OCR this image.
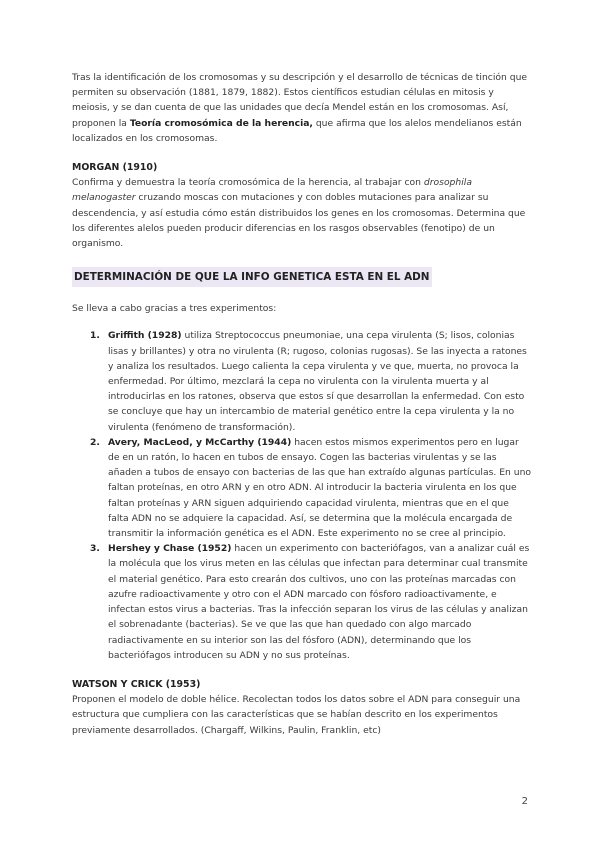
Tras la identificación de los cromosomas y su descripción y el desarrollo de técnicas de tinción que permiten su observación (1881, 1879, 1882). Estos científicos estudian células en mitosis y meiosis, y se dan cuenta de que las unidades que decía Mendel están en los cromosomas. Así, proponen la Teoría cromosómica de la herencia, que afirma que los alelos mendelianos están localizados en los cromosomas.

MORGAN (1910)

Confirma y demuestra la teoría cromosómica de la herencia, al trabajar con drosophila melanogaster cruzando moscas con mutaciones y con dobles mutaciones para analizar su descendencia, y así estudia cómo están distribuidos los genes en los cromosomas. Determina que los diferentes alelos pueden producir diferencias en los rasgos observables (fenotipo) de un organismo.

DETERMINACIÓN DE QUE LA INFO GENETICA ESTA EN EL ADN

Se lleva a cabo gracias a tres experimentos:

1. Griffith (1928) utiliza Streptococcus pneumoniae, una cepa virulenta (S; lisos, colonias lisas y brillantes) y otra no virulenta (R; rugoso, colonias rugosas). Se las inyecta a ratones y analiza los resultados. Luego calienta la cepa virulenta y ve que, muerta, no provoca la enfermedad. Por último, mezclará la cepa no virulenta con la virulenta muerta y al introducirlas en los ratones, observa que estos sí que desarrollan la enfermedad. Con esto se concluye que hay un intercambio de material genético entre la cepa virulenta y la no virulenta (fenómeno de transformación).
2. Avery, MacLeod, y McCarthy (1944) hacen estos mismos experimentos pero en lugar de en un ratón, lo hacen en tubos de ensayo. Cogen las bacterias virulentas y se las añaden a tubos de ensayo con bacterias de las que han extraído algunas partículas. En uno faltan proteínas, en otro ARN y en otro ADN. Al introducir la bacteria virulenta en los que faltan proteínas y ARN siguen adquiriendo capacidad virulenta, mientras que en el que falta ADN no se adquiere la capacidad. Así, se determina que la molécula encargada de transmitir la información genética es el ADN. Este experimento no se cree al principio.
3. Hershey y Chase (1952) hacen un experimento con bacteriófagos, van a analizar cuál es la molécula que los virus meten en las células que infectan para determinar cual transmite el material genético. Para esto crearán dos cultivos, uno con las proteínas marcadas con azufre radioactivamente y otro con el ADN marcado con fósforo radioactivamente, e infectan estos virus a bacterias. Tras la infección separan los virus de las células y analizan el sobrenadante (bacterias). Se ve que las que han quedado con algo marcado radiactivamente en su interior son las del fósforo (ADN), determinando que los bacteriófagos introducen su ADN y no sus proteínas.

WATSON Y CRICK (1953)

Proponen el modelo de doble hélice. Recolectan todos los datos sobre el ADN para conseguir una estructura que cumpliera con las características que se habían descrito en los experimentos previamente desarrollados. (Chargaff, Wilkins, Paulin, Franklin, etc)

2
